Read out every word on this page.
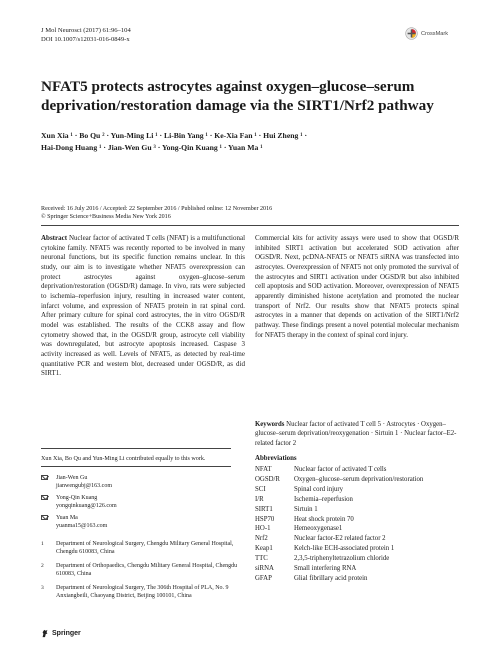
J Mol Neurosci (2017) 61:96–104
DOI 10.1007/s12031-016-0849-x
CrossMark
NFAT5 protects astrocytes against oxygen–glucose–serum deprivation/restoration damage via the SIRT1/Nrf2 pathway
Xun Xia ¹ · Bo Qu ² · Yun-Ming Li ¹ · Li-Bin Yang ¹ · Ke-Xia Fan ¹ · Hui Zheng ¹ ·
Hai-Dong Huang ¹ · Jian-Wen Gu ³ · Yong-Qin Kuang ¹ · Yuan Ma ¹
Received: 16 July 2016 / Accepted: 22 September 2016 / Published online: 12 November 2016
© Springer Science+Business Media New York 2016
Abstract Nuclear factor of activated T cells (NFAT) is a multifunctional cytokine family. NFAT5 was recently reported to be involved in many neuronal functions, but its specific function remains unclear. In this study, our aim is to investigate whether NFAT5 overexpression can protect astrocytes against oxygen–glucose–serum deprivation/restoration (OGSD/R) damage. In vivo, rats were subjected to ischemia–reperfusion injury, resulting in increased water content, infarct volume, and expression of NFAT5 protein in rat spinal cord. After primary culture for spinal cord astrocytes, the in vitro OGSD/R model was established. The results of the CCK8 assay and flow cytometry showed that, in the OGSD/R group, astrocyte cell viability was downregulated, but astrocyte apoptosis increased. Caspase 3 activity increased as well. Levels of NFAT5, as detected by real-time quantitative PCR and western blot, decreased under OGSD/R, as did SIRT1.
Commercial kits for activity assays were used to show that OGSD/R inhibited SIRT1 activation but accelerated SOD activation after OGSD/R. Next, pcDNA-NFAT5 or NFAT5 siRNA was transfected into astrocytes. Overexpression of NFAT5 not only promoted the survival of the astrocytes and SIRT1 activation under OGSD/R but also inhibited cell apoptosis and SOD activation. Moreover, overexpression of NFAT5 apparently diminished histone acetylation and promoted the nuclear transport of Nrf2. Our results show that NFAT5 protects spinal astrocytes in a manner that depends on activation of the SIRT1/Nrf2 pathway. These findings present a novel potential molecular mechanism for NFAT5 therapy in the context of spinal cord injury.
Keywords Nuclear factor of activated T cell 5 · Astrocytes · Oxygen–glucose–serum deprivation/reoxygenation · Sirtuin 1 · Nuclear factor–E2-related factor 2
Xun Xia, Bo Qu and Yun-Ming Li contributed equally to this work.
Jian-Wen Gu
jianwengubj@163.com
Yong-Qin Kuang
yongqinkuang@126.com
Yuan Ma
yuanma15@163.com
1 Department of Neurological Surgery, Chengdu Military General Hospital, Chengdu 610083, China
2 Department of Orthopaedics, Chengdu Military General Hospital, Chengdu 610083, China
3 Department of Neurological Surgery, The 306th Hospital of PLA, No. 9 Anxiangbeili, Chaoyang District, Beijing 100101, China
Abbreviations
NFAT	Nuclear factor of activated T cells
OGSD/R	Oxygen–glucose–serum deprivation/restoration
SCI	Spinal cord injury
I/R	Ischemia–reperfusion
SIRT1	Sirtuin 1
HSP70	Heat shock protein 70
HO-1	Hemeoxygenase1
Nrf2	Nuclear factor-E2 related factor 2
Keap1	Kelch-like ECH-associated protein 1
TTC	2,3,5-triphenyltetrazolium chloride
siRNA	Small interfering RNA
GFAP	Glial fibrillary acid protein
Springer
